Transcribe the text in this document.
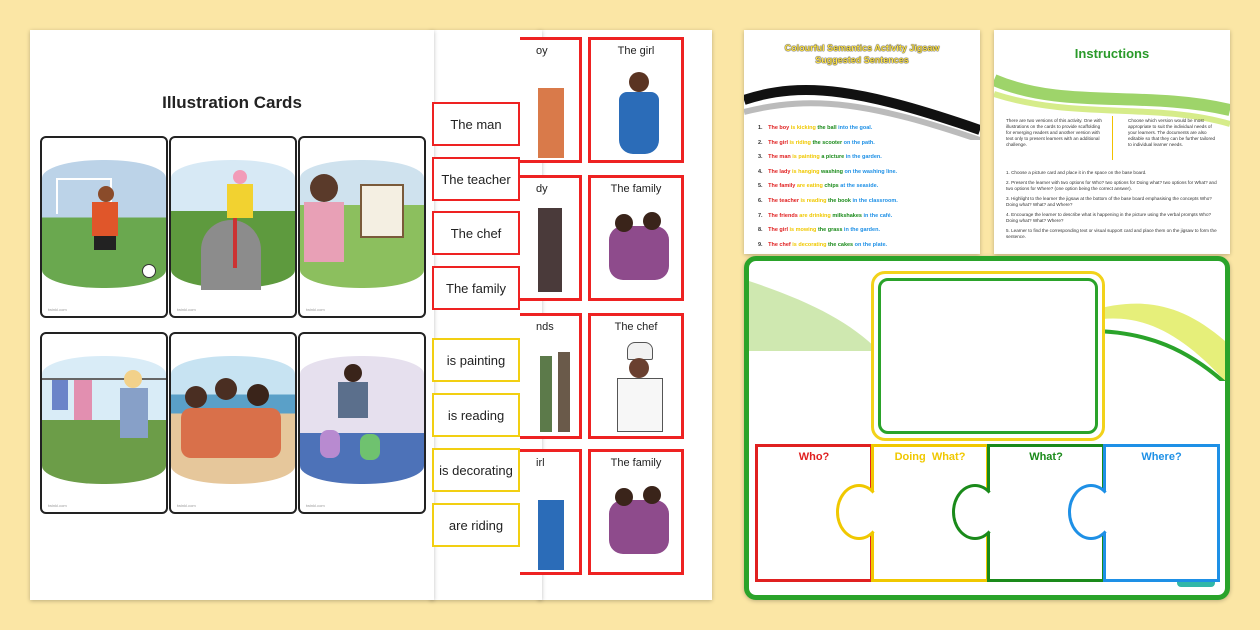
Illustration Cards
twinkl.com	twinkl.com	twinkl.com
twinkl.com	twinkl.com	twinkl.com
The man
The teacher
The chef
The family
is painting
is reading
is decorating
are riding
oy	The girl
dy	The family
nds	The chef
irl	The family
Colourful Semantics Activity Jigsaw
Suggested Sentences
1. The boy is kicking the ball into the goal.
2. The girl is riding the scooter on the path.
3. The man is painting a picture in the garden.
4. The lady is hanging washing on the washing line.
5. The family are eating chips at the seaside.
6. The teacher is reading the book in the classroom.
7. The friends are drinking milkshakes in the café.
8. The girl is mowing the grass in the garden.
9. The chef is decorating the cakes on the plate.
Instructions
There are two versions of this activity. One with illustrations on the cards to provide scaffolding for emerging readers and another version with text only to present learners with an additional challenge.
Choose which version would be most appropriate to suit the individual needs of your learners. The documents are also editable so that they can be further tailored to individual learner needs.
1. Choose a picture card and place it in the space on the base board.
2. Present the learner with two options for Who? two options for Doing what? two options for What? and two options for Where? (one option being the correct answer).
3. Highlight to the learner the jigsaw at the bottom of the base board emphasising the concepts Who? Doing what? What? and Where?
4. Encourage the learner to describe what is happening in the picture using the verbal prompts Who? Doing what? What? Where?
5. Learner to find the corresponding text or visual support card and place them on the jigsaw to form the sentence.
Who?	Doing  What?	What?	Where?
